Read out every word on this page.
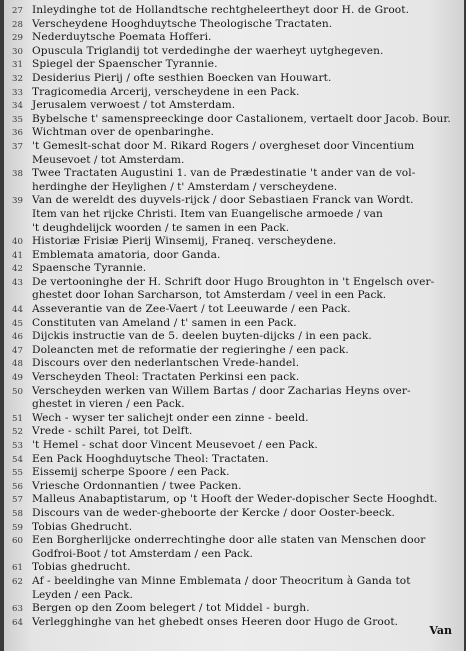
27 Inleydinghe tot de Hollandtsche rechtgheleertheyt door H. de Groot.
28 Verscheydene Hooghduytsche Theologische Tractaten.
29 Nederduytsche Poemata Hofferi.
30 Opuscula Triglandij tot verdedinghe der waerheyt uytghegeven.
31 Spiegel der Spaenscher Tyrannie.
32 Desiderius Pierij / ofte sesthien Boecken van Houwart.
33 Tragicomedia Arcerij, verscheydene in een Pack.
34 Jerusalem verwoest / tot Amsterdam.
35 Bybelsche t' samenspreeckinge door Castalionem, vertaelt door Jacob. Bour.
36 Wichtman over de openbaringhe.
37 't Gemeslt-schat door M. Rikard Rogers / overgheset door Vincentium
Meusevoet / tot Amsterdam.
38 Twee Tractaten Augustini 1. van de Prædestinatie 't ander van de vol-
herdinghe der Heylighen / t' Amsterdam / verscheydene.
39 Van de wereldt des duyvels-rijck / door Sebastiaen Franck van Wordt.
Item van het rijcke Christi. Item van Euangelische armoede / van
't deughdelijck woorden / te samen in een Pack.
40 Historiæ Frisiæ Pierij Winsemij, Franeq. verscheydene.
41 Emblemata amatoria, door Ganda.
42 Spaensche Tyrannie.
43 De vertooninghe der H. Schrift door Hugo Broughton in 't Engelsch over-
ghestet door Iohan Sarcharson, tot Amsterdam / veel in een Pack.
44 Asseverantie van de Zee-Vaert / tot Leeuwarde / een Pack.
45 Constituten van Ameland / t' samen in een Pack.
46 Dijckis instructie van de 5. deelen buyten-dijcks / in een pack.
47 Doleancten met de reformatie der regieringhe / een pack.
48 Discours over den nederlantschen Vrede-handel.
49 Verscheyden Theol: Tractaten Perkinsi een pack.
50 Verscheyden werken van Willem Bartas / door Zacharias Heyns over-
ghestet in vieren / een Pack.
51 Wech - wyser ter salichejt onder een zinne - beeld.
52 Vrede - schilt Parei, tot Delft.
53 't Hemel - schat door Vincent Meusevoet / een Pack.
54 Een Pack Hooghduytsche Theol: Tractaten.
55 Eissemij scherpe Spoore / een Pack.
56 Vriesche Ordonnantien / twee Packen.
57 Malleus Anabaptistarum, op 't Hooft der Weder-dopischer Secte Hooghdt.
58 Discours van de weder-gheboorte der Kercke / door Ooster-beeck.
59 Tobias Ghedrucht.
60 Een Borgherlijcke onderrechtinghe door alle staten van Menschen door
Godfroi-Boot / tot Amsterdam / een Pack.
61 Tobias ghedrucht.
62 Af - beeldinghe van Minne Emblemata / door Theocritum à Ganda tot
Leyden / een Pack.
63 Bergen op den Zoom belegert / tot Middel - burgh.
64 Verlegghinghe van het ghebedt onses Heeren door Hugo de Groot.
Van
